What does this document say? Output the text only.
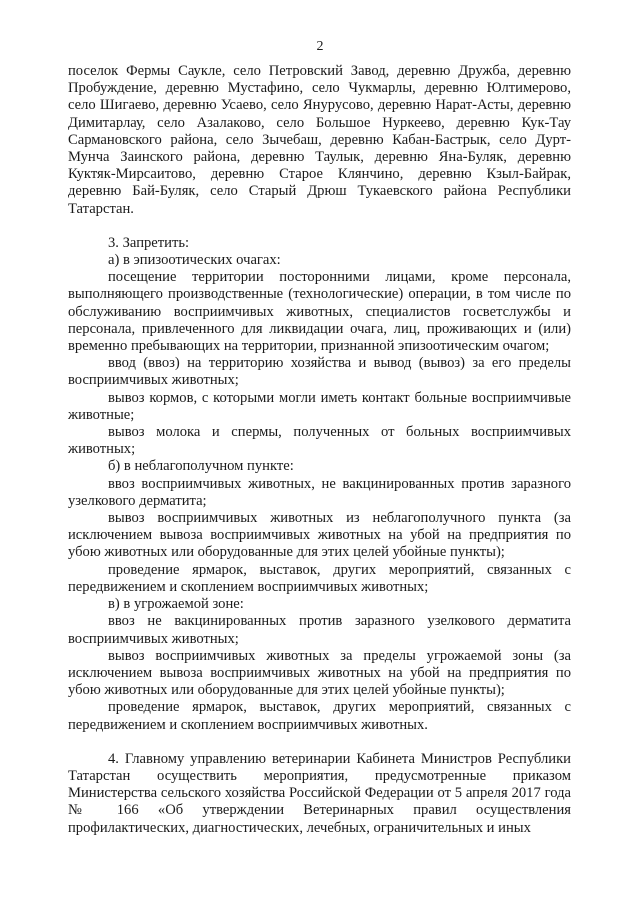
2

поселок Фермы Саукле, село Петровский Завод, деревню Дружба, деревню Пробуждение, деревню Мустафино, село Чукмарлы, деревню Юлтимерово, село Шигаево, деревню Усаево, село Янурусово, деревню Нарат-Асты, деревню Димитарлау, село Азалаково, село Большое Нуркеево, деревню Кук-Тау Сармановского района, село Зычебаш, деревню Кабан-Бастрык, село Дурт-Мунча Заинского района, деревню Таулык, деревню Яна-Буляк, деревню Куктяк-Мирсаитово, деревню Старое Клянчино, деревню Кзыл-Байрак, деревню Бай-Буляк, село Старый Дрюш Тукаевского района Республики Татарстан.

3. Запретить:

а) в эпизоотических очагах:

посещение территории посторонними лицами, кроме персонала, выполняющего производственные (технологические) операции, в том числе по обслуживанию восприимчивых животных, специалистов госветслужбы и персонала, привлеченного для ликвидации очага, лиц, проживающих и (или) временно пребывающих на территории, признанной эпизоотическим очагом;

ввод (ввоз) на территорию хозяйства и вывод (вывоз) за его пределы восприимчивых животных;

вывоз кормов, с которыми могли иметь контакт больные восприимчивые животные;

вывоз молока и спермы, полученных от больных восприимчивых животных;

б) в неблагополучном пункте:

ввоз восприимчивых животных, не вакцинированных против заразного узелкового дерматита;

вывоз восприимчивых животных из неблагополучного пункта (за исключением вывоза восприимчивых животных на убой на предприятия по убою животных или оборудованные для этих целей убойные пункты);

проведение ярмарок, выставок, других мероприятий, связанных с передвижением и скоплением восприимчивых животных;

в) в угрожаемой зоне:

ввоз не вакцинированных против заразного узелкового дерматита восприимчивых животных;

вывоз восприимчивых животных за пределы угрожаемой зоны (за исключением вывоза восприимчивых животных на убой на предприятия по убою животных или оборудованные для этих целей убойные пункты);

проведение ярмарок, выставок, других мероприятий, связанных с передвижением и скоплением восприимчивых животных.

4. Главному управлению ветеринарии Кабинета Министров Республики Татарстан осуществить мероприятия, предусмотренные приказом Министерства сельского хозяйства Российской Федерации от 5 апреля 2017 года № 166 «Об утверждении Ветеринарных правил осуществления профилактических, диагностических, лечебных, ограничительных и иных
